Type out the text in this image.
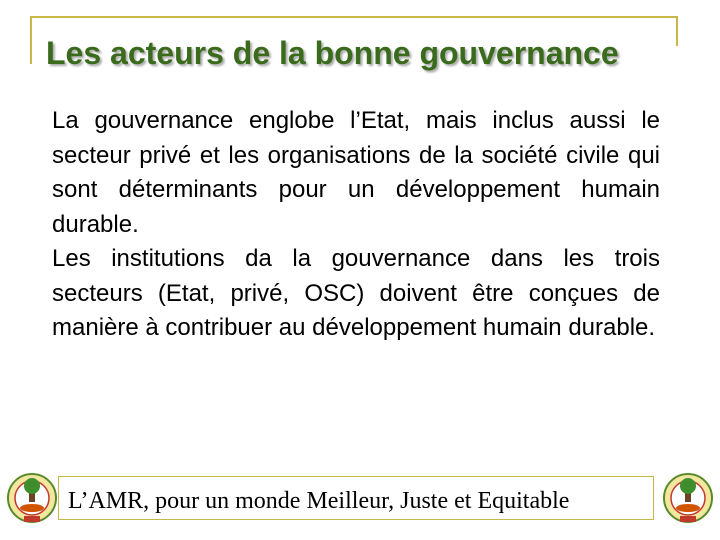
Les acteurs de la bonne gouvernance

La gouvernance englobe l’Etat, mais inclus aussi le secteur privé et les organisations de la société civile qui sont déterminants pour un développement humain durable.

Les institutions da la gouvernance dans les trois secteurs (Etat, privé, OSC) doivent être conçues de manière à contribuer au développement humain durable.

L’AMR, pour un monde Meilleur, Juste et Equitable
